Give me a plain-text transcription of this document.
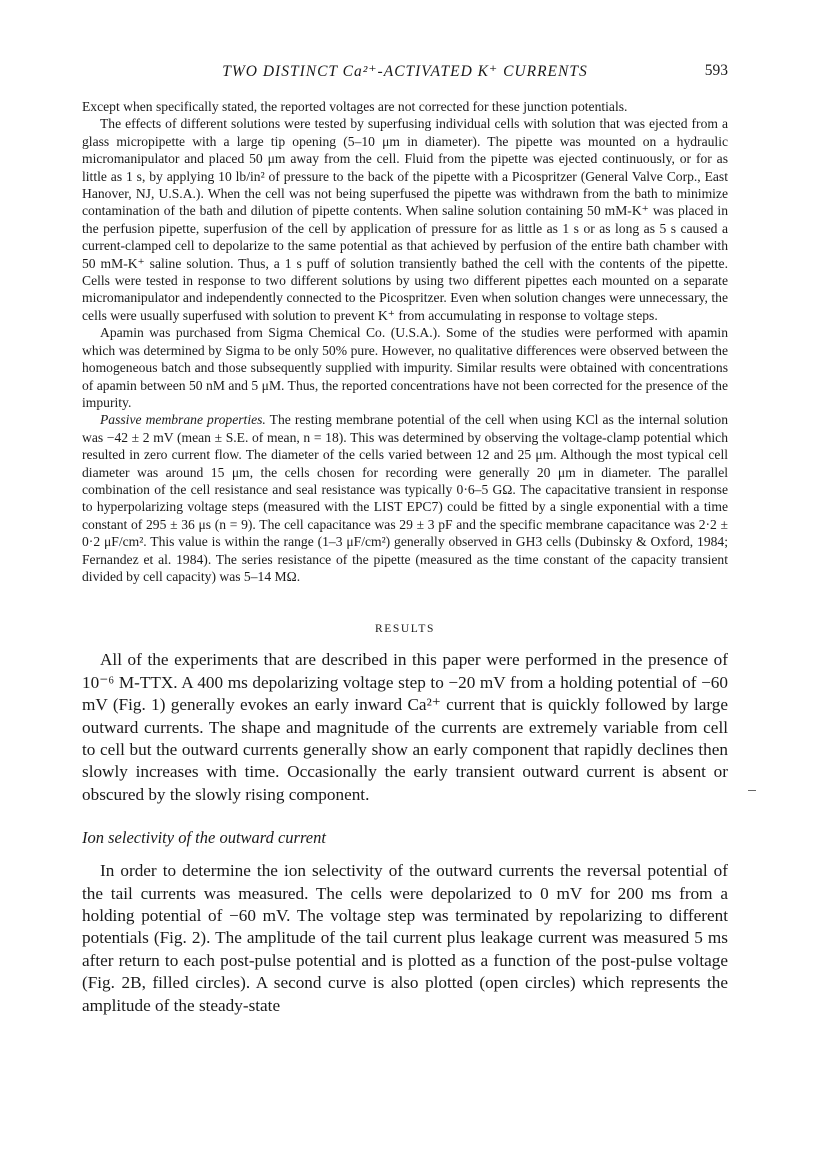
TWO DISTINCT Ca²⁺-ACTIVATED K⁺ CURRENTS	593

Except when specifically stated, the reported voltages are not corrected for these junction potentials.

The effects of different solutions were tested by superfusing individual cells with solution that was ejected from a glass micropipette with a large tip opening (5–10 μm in diameter). The pipette was mounted on a hydraulic micromanipulator and placed 50 μm away from the cell. Fluid from the pipette was ejected continuously, or for as little as 1 s, by applying 10 lb/in² of pressure to the back of the pipette with a Picospritzer (General Valve Corp., East Hanover, NJ, U.S.A.). When the cell was not being superfused the pipette was withdrawn from the bath to minimize contamination of the bath and dilution of pipette contents. When saline solution containing 50 mM-K⁺ was placed in the perfusion pipette, superfusion of the cell by application of pressure for as little as 1 s or as long as 5 s caused a current-clamped cell to depolarize to the same potential as that achieved by perfusion of the entire bath chamber with 50 mM-K⁺ saline solution. Thus, a 1 s puff of solution transiently bathed the cell with the contents of the pipette. Cells were tested in response to two different solutions by using two different pipettes each mounted on a separate micromanipulator and independently connected to the Picospritzer. Even when solution changes were unnecessary, the cells were usually superfused with solution to prevent K⁺ from accumulating in response to voltage steps.

Apamin was purchased from Sigma Chemical Co. (U.S.A.). Some of the studies were performed with apamin which was determined by Sigma to be only 50% pure. However, no qualitative differences were observed between the homogeneous batch and those subsequently supplied with impurity. Similar results were obtained with concentrations of apamin between 50 nM and 5 μM. Thus, the reported concentrations have not been corrected for the presence of the impurity.

Passive membrane properties. The resting membrane potential of the cell when using KCl as the internal solution was −42 ± 2 mV (mean ± S.E. of mean, n = 18). This was determined by observing the voltage-clamp potential which resulted in zero current flow. The diameter of the cells varied between 12 and 25 μm. Although the most typical cell diameter was around 15 μm, the cells chosen for recording were generally 20 μm in diameter. The parallel combination of the cell resistance and seal resistance was typically 0·6–5 GΩ. The capacitative transient in response to hyperpolarizing voltage steps (measured with the LIST EPC7) could be fitted by a single exponential with a time constant of 295 ± 36 μs (n = 9). The cell capacitance was 29 ± 3 pF and the specific membrane capacitance was 2·2 ± 0·2 μF/cm². This value is within the range (1–3 μF/cm²) generally observed in GH3 cells (Dubinsky & Oxford, 1984; Fernandez et al. 1984). The series resistance of the pipette (measured as the time constant of the capacity transient divided by cell capacity) was 5–14 MΩ.

RESULTS

All of the experiments that are described in this paper were performed in the presence of 10⁻⁶ M-TTX. A 400 ms depolarizing voltage step to −20 mV from a holding potential of −60 mV (Fig. 1) generally evokes an early inward Ca²⁺ current that is quickly followed by large outward currents. The shape and magnitude of the currents are extremely variable from cell to cell but the outward currents generally show an early component that rapidly declines then slowly increases with time. Occasionally the early transient outward current is absent or obscured by the slowly rising component.

Ion selectivity of the outward current

In order to determine the ion selectivity of the outward currents the reversal potential of the tail currents was measured. The cells were depolarized to 0 mV for 200 ms from a holding potential of −60 mV. The voltage step was terminated by repolarizing to different potentials (Fig. 2). The amplitude of the tail current plus leakage current was measured 5 ms after return to each post-pulse potential and is plotted as a function of the post-pulse voltage (Fig. 2B, filled circles). A second curve is also plotted (open circles) which represents the amplitude of the steady-state
